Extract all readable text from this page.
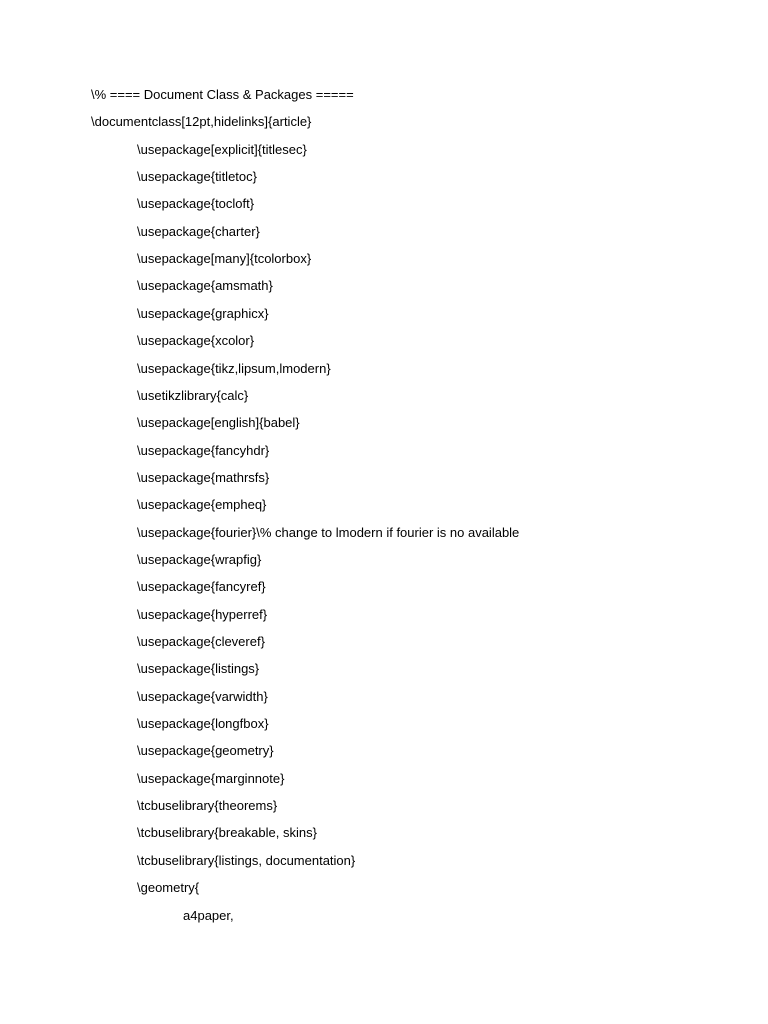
\% ==== Document Class & Packages =====
\documentclass[12pt,hidelinks]{article}
\usepackage[explicit]{titlesec}
\usepackage{titletoc}
\usepackage{tocloft}
\usepackage{charter}
\usepackage[many]{tcolorbox}
\usepackage{amsmath}
\usepackage{graphicx}
\usepackage{xcolor}
\usepackage{tikz,lipsum,lmodern}
\usetikzlibrary{calc}
\usepackage[english]{babel}
\usepackage{fancyhdr}
\usepackage{mathrsfs}
\usepackage{empheq}
\usepackage{fourier}\% change to lmodern if fourier is no available
\usepackage{wrapfig}
\usepackage{fancyref}
\usepackage{hyperref}
\usepackage{cleveref}
\usepackage{listings}
\usepackage{varwidth}
\usepackage{longfbox}
\usepackage{geometry}
\usepackage{marginnote}
\tcbuselibrary{theorems}
\tcbuselibrary{breakable, skins}
\tcbuselibrary{listings, documentation}
\geometry{
a4paper,
